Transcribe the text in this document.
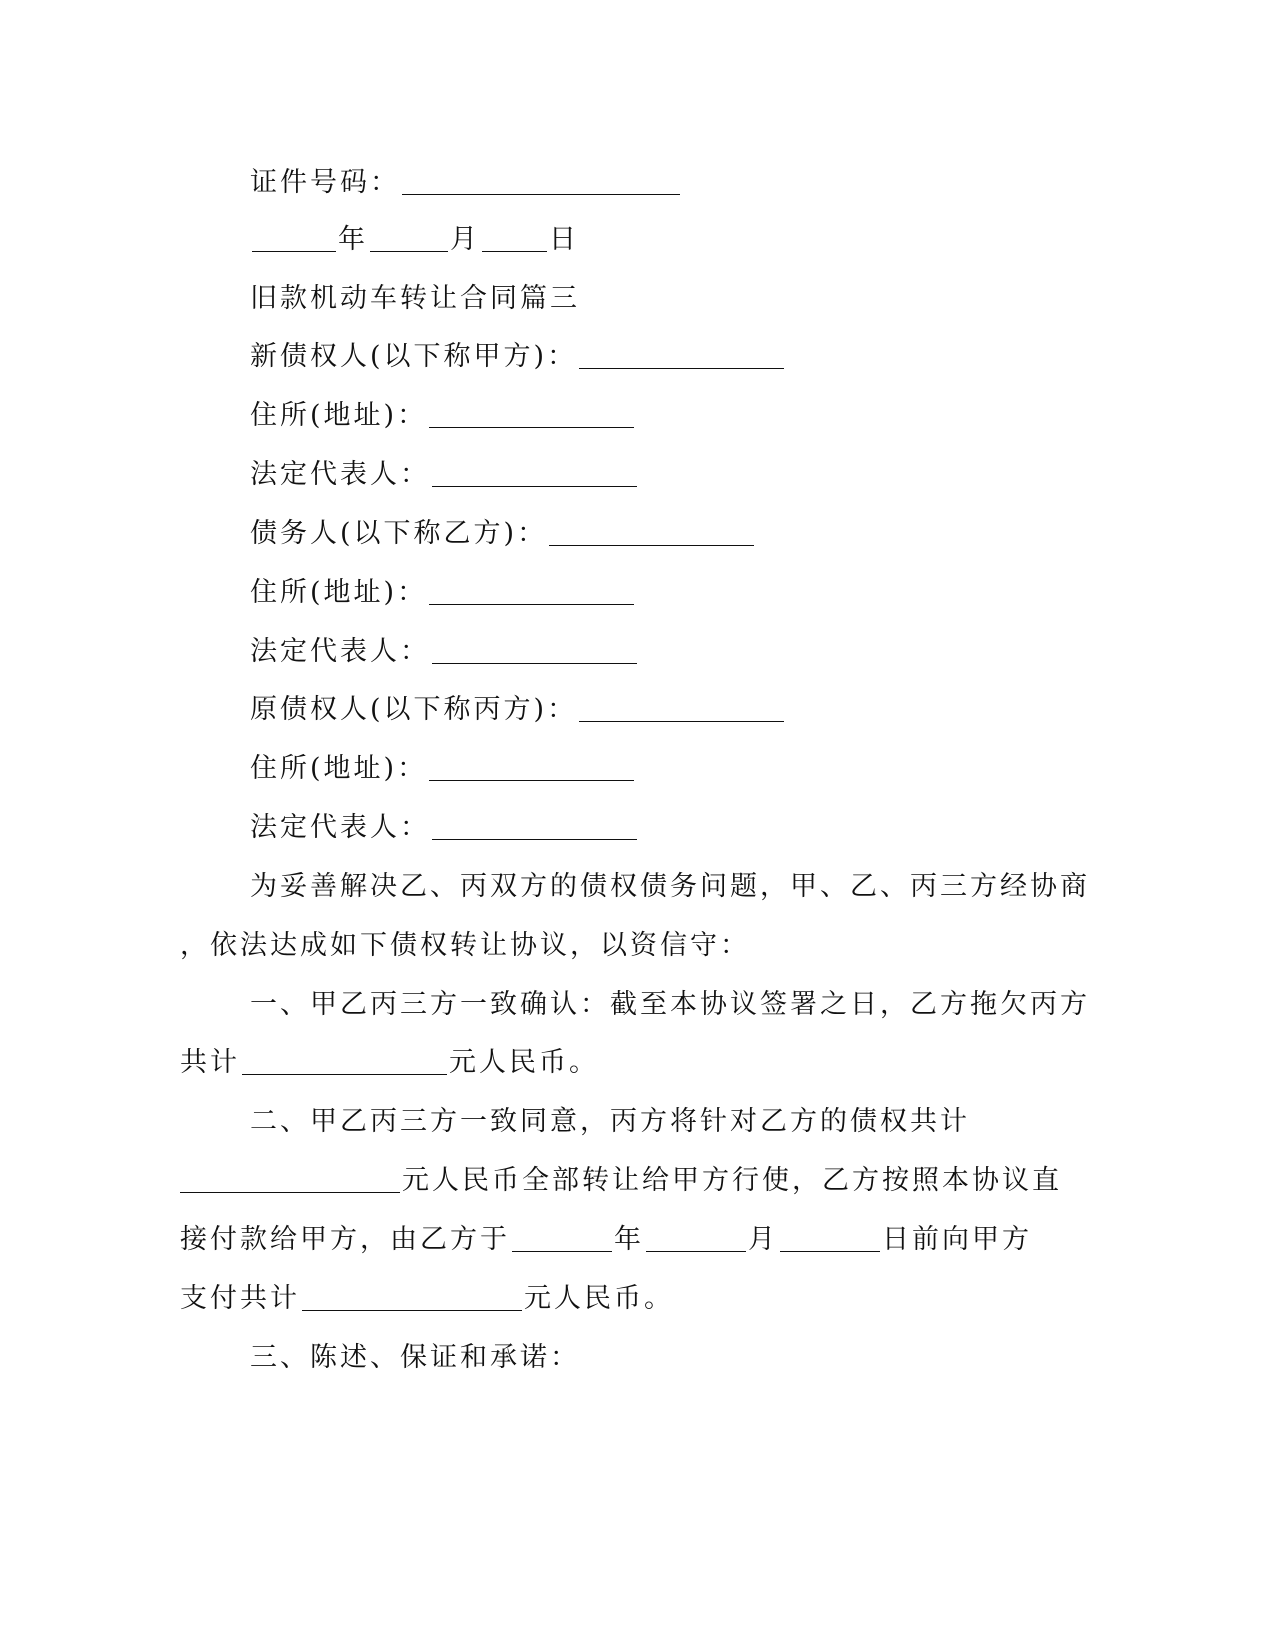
证件号码：
年	月	日
旧款机动车转让合同篇三
新债权人(以下称甲方)：
住所(地址)：
法定代表人：
债务人(以下称乙方)：
住所(地址)：
法定代表人：
原债权人(以下称丙方)：
住所(地址)：
法定代表人：
为妥善解决乙、丙双方的债权债务问题，甲、乙、丙三方经协商
，依法达成如下债权转让协议，以资信守：
一、甲乙丙三方一致确认：截至本协议签署之日，乙方拖欠丙方
共计	元人民币。
二、甲乙丙三方一致同意，丙方将针对乙方的债权共计
元人民币全部转让给甲方行使，乙方按照本协议直
接付款给甲方，由乙方于	年	月	日前向甲方
支付共计	元人民币。
三、陈述、保证和承诺：
